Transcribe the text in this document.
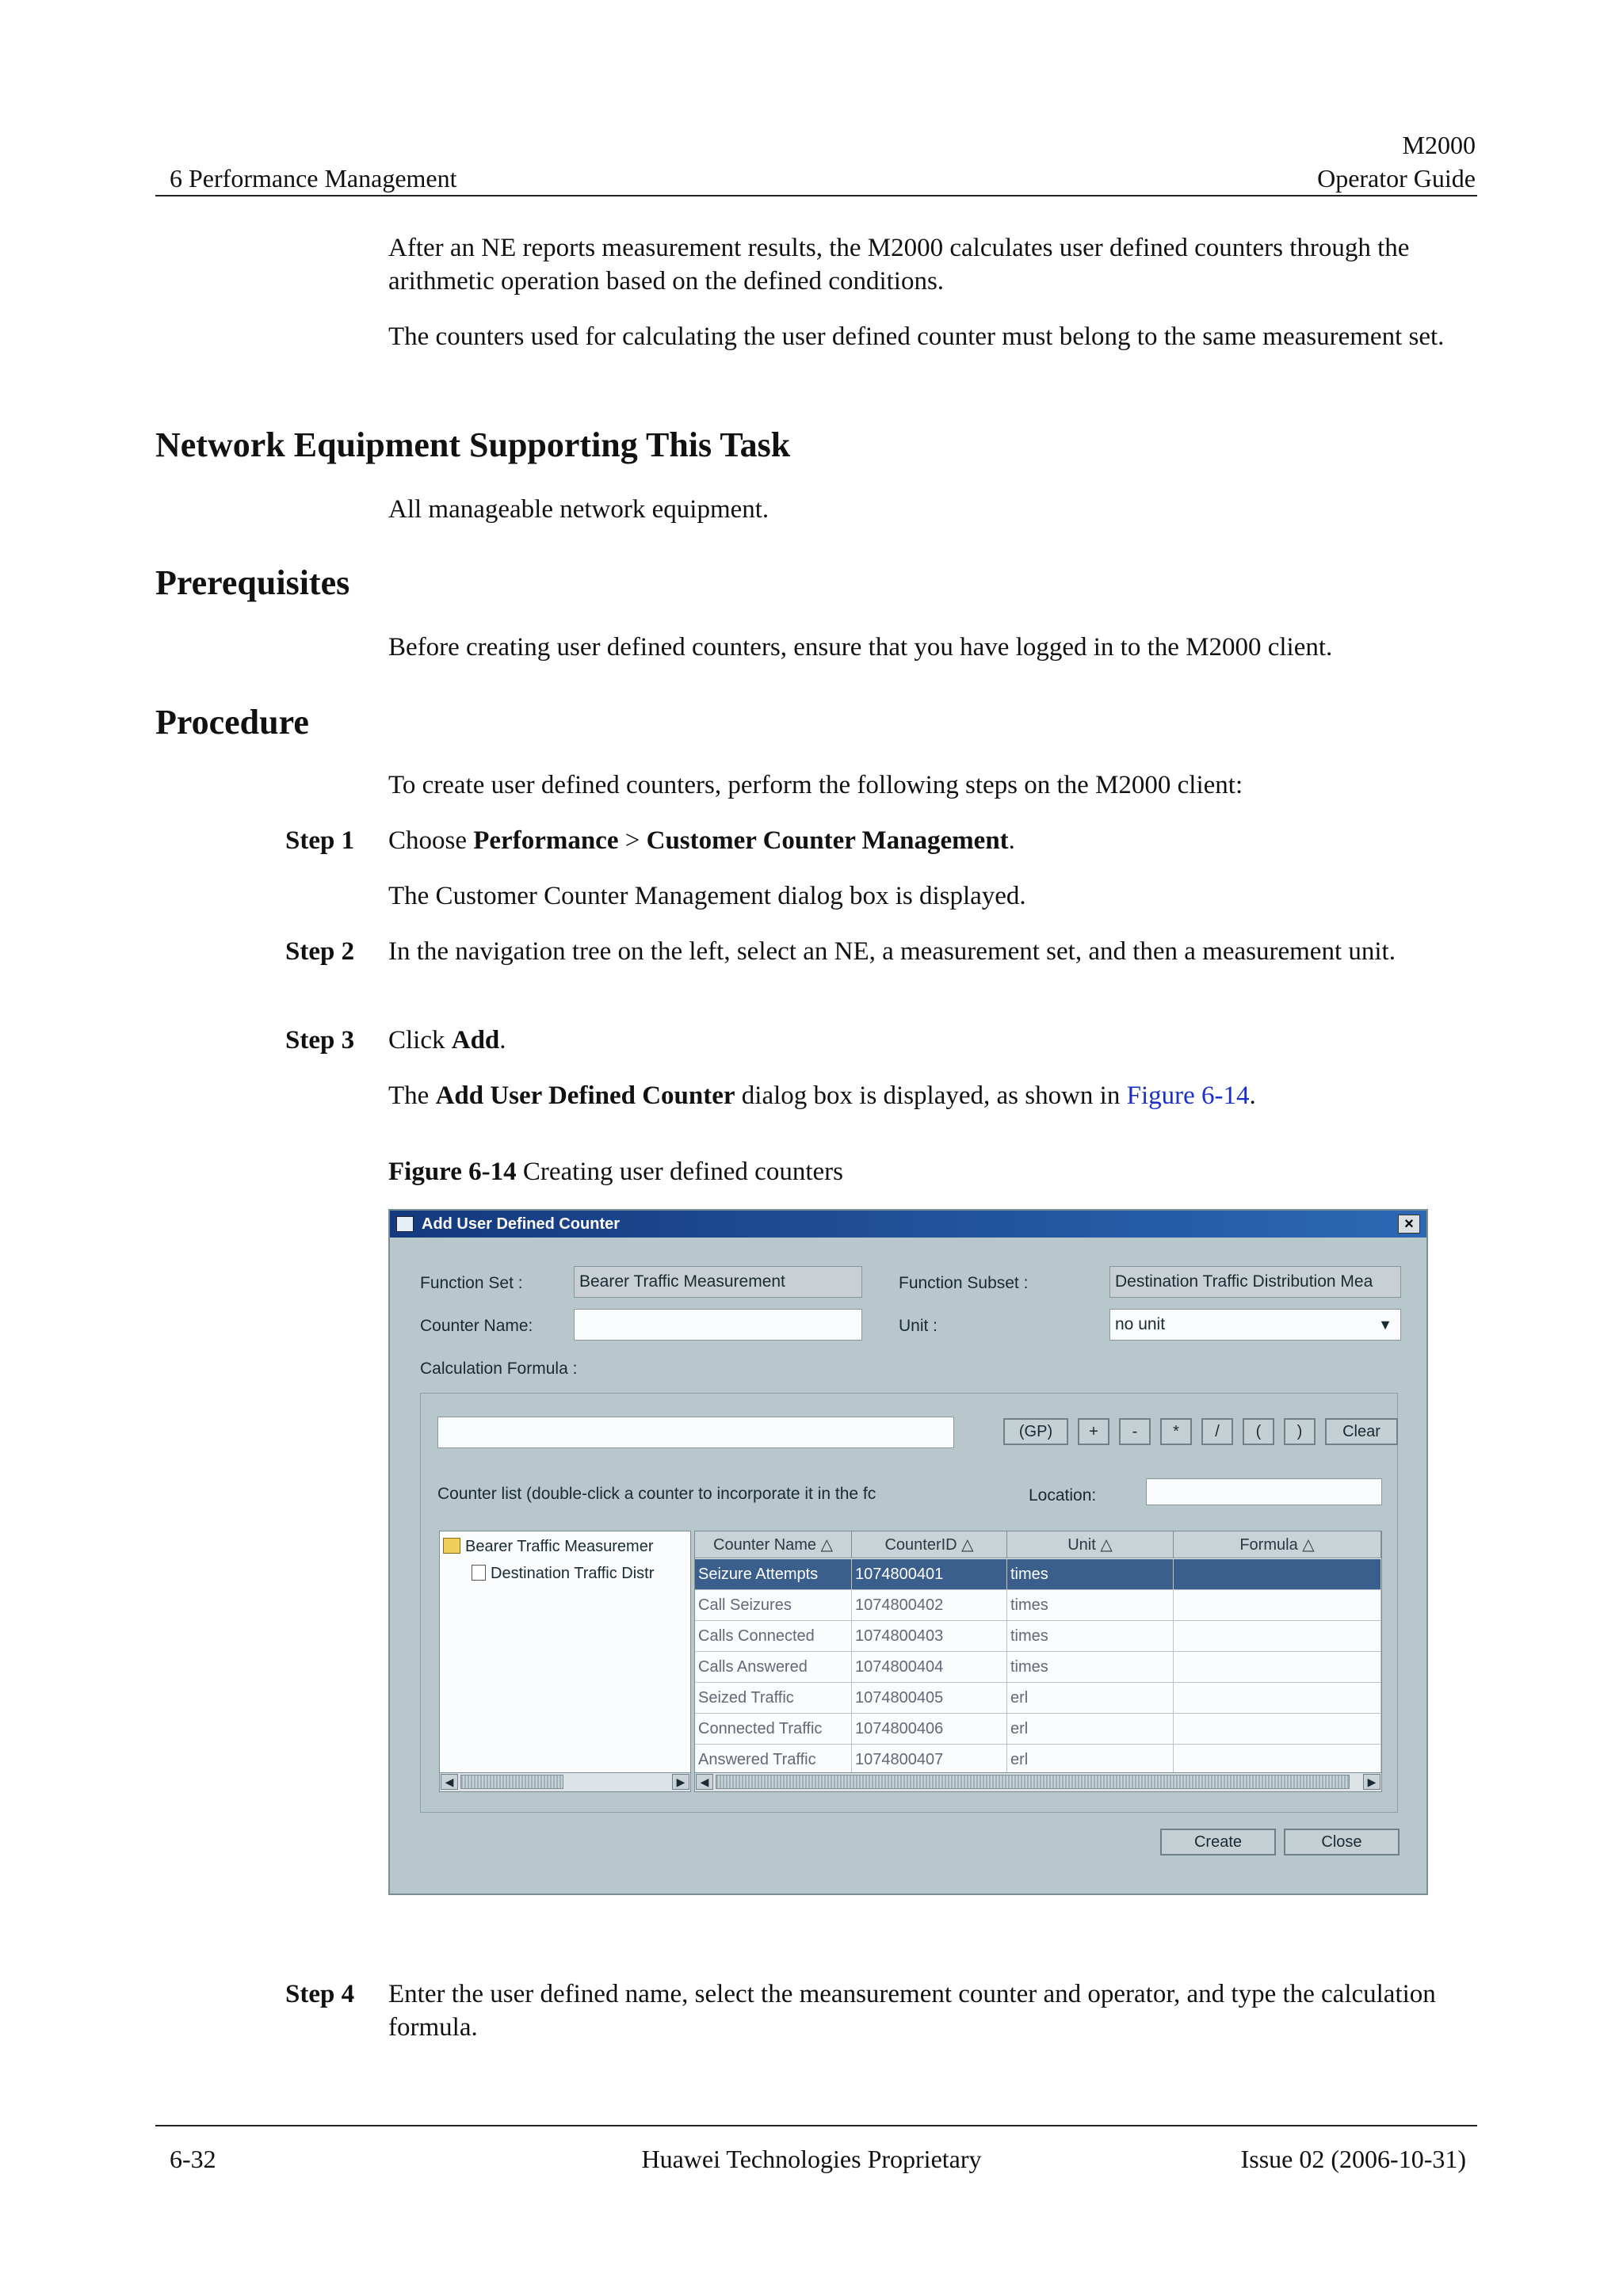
M2000
Operator Guide
6 Performance Management
After an NE reports measurement results, the M2000 calculates user defined counters through the arithmetic operation based on the defined conditions.
The counters used for calculating the user defined counter must belong to the same measurement set.
Network Equipment Supporting This Task
All manageable network equipment.
Prerequisites
Before creating user defined counters, ensure that you have logged in to the M2000 client.
Procedure
To create user defined counters, perform the following steps on the M2000 client:
Step 1 Choose Performance > Customer Counter Management.
The Customer Counter Management dialog box is displayed.
Step 2 In the navigation tree on the left, select an NE, a measurement set, and then a measurement unit.
Step 3 Click Add.
The Add User Defined Counter dialog box is displayed, as shown in Figure 6-14.
Figure 6-14 Creating user defined counters
Add User Defined Counter	×
Function Set :	Bearer Traffic Measurement	Function Subset :	Destination Traffic Distribution Mea
Counter Name:	Unit :	no unit	▼
Calculation Formula :
(GP)	+	-	*	/	(	)	Clear
Counter list (double-click a counter to incorporate it in the fc	Location:
Bearer Traffic Measuremer
Destination Traffic Distr
◀	▶
Counter Name △	CounterID △	Unit △	Formula △
Seizure Attempts	1074800401	times
Call Seizures	1074800402	times
Calls Connected	1074800403	times
Calls Answered	1074800404	times
Seized Traffic	1074800405	erl
Connected Traffic	1074800406	erl
Answered Traffic	1074800407	erl
◀	▶
Create	Close
Step 4 Enter the user defined name, select the meansurement counter and operator, and type the calculation formula.
6-32	Huawei Technologies Proprietary	Issue 02 (2006-10-31)
